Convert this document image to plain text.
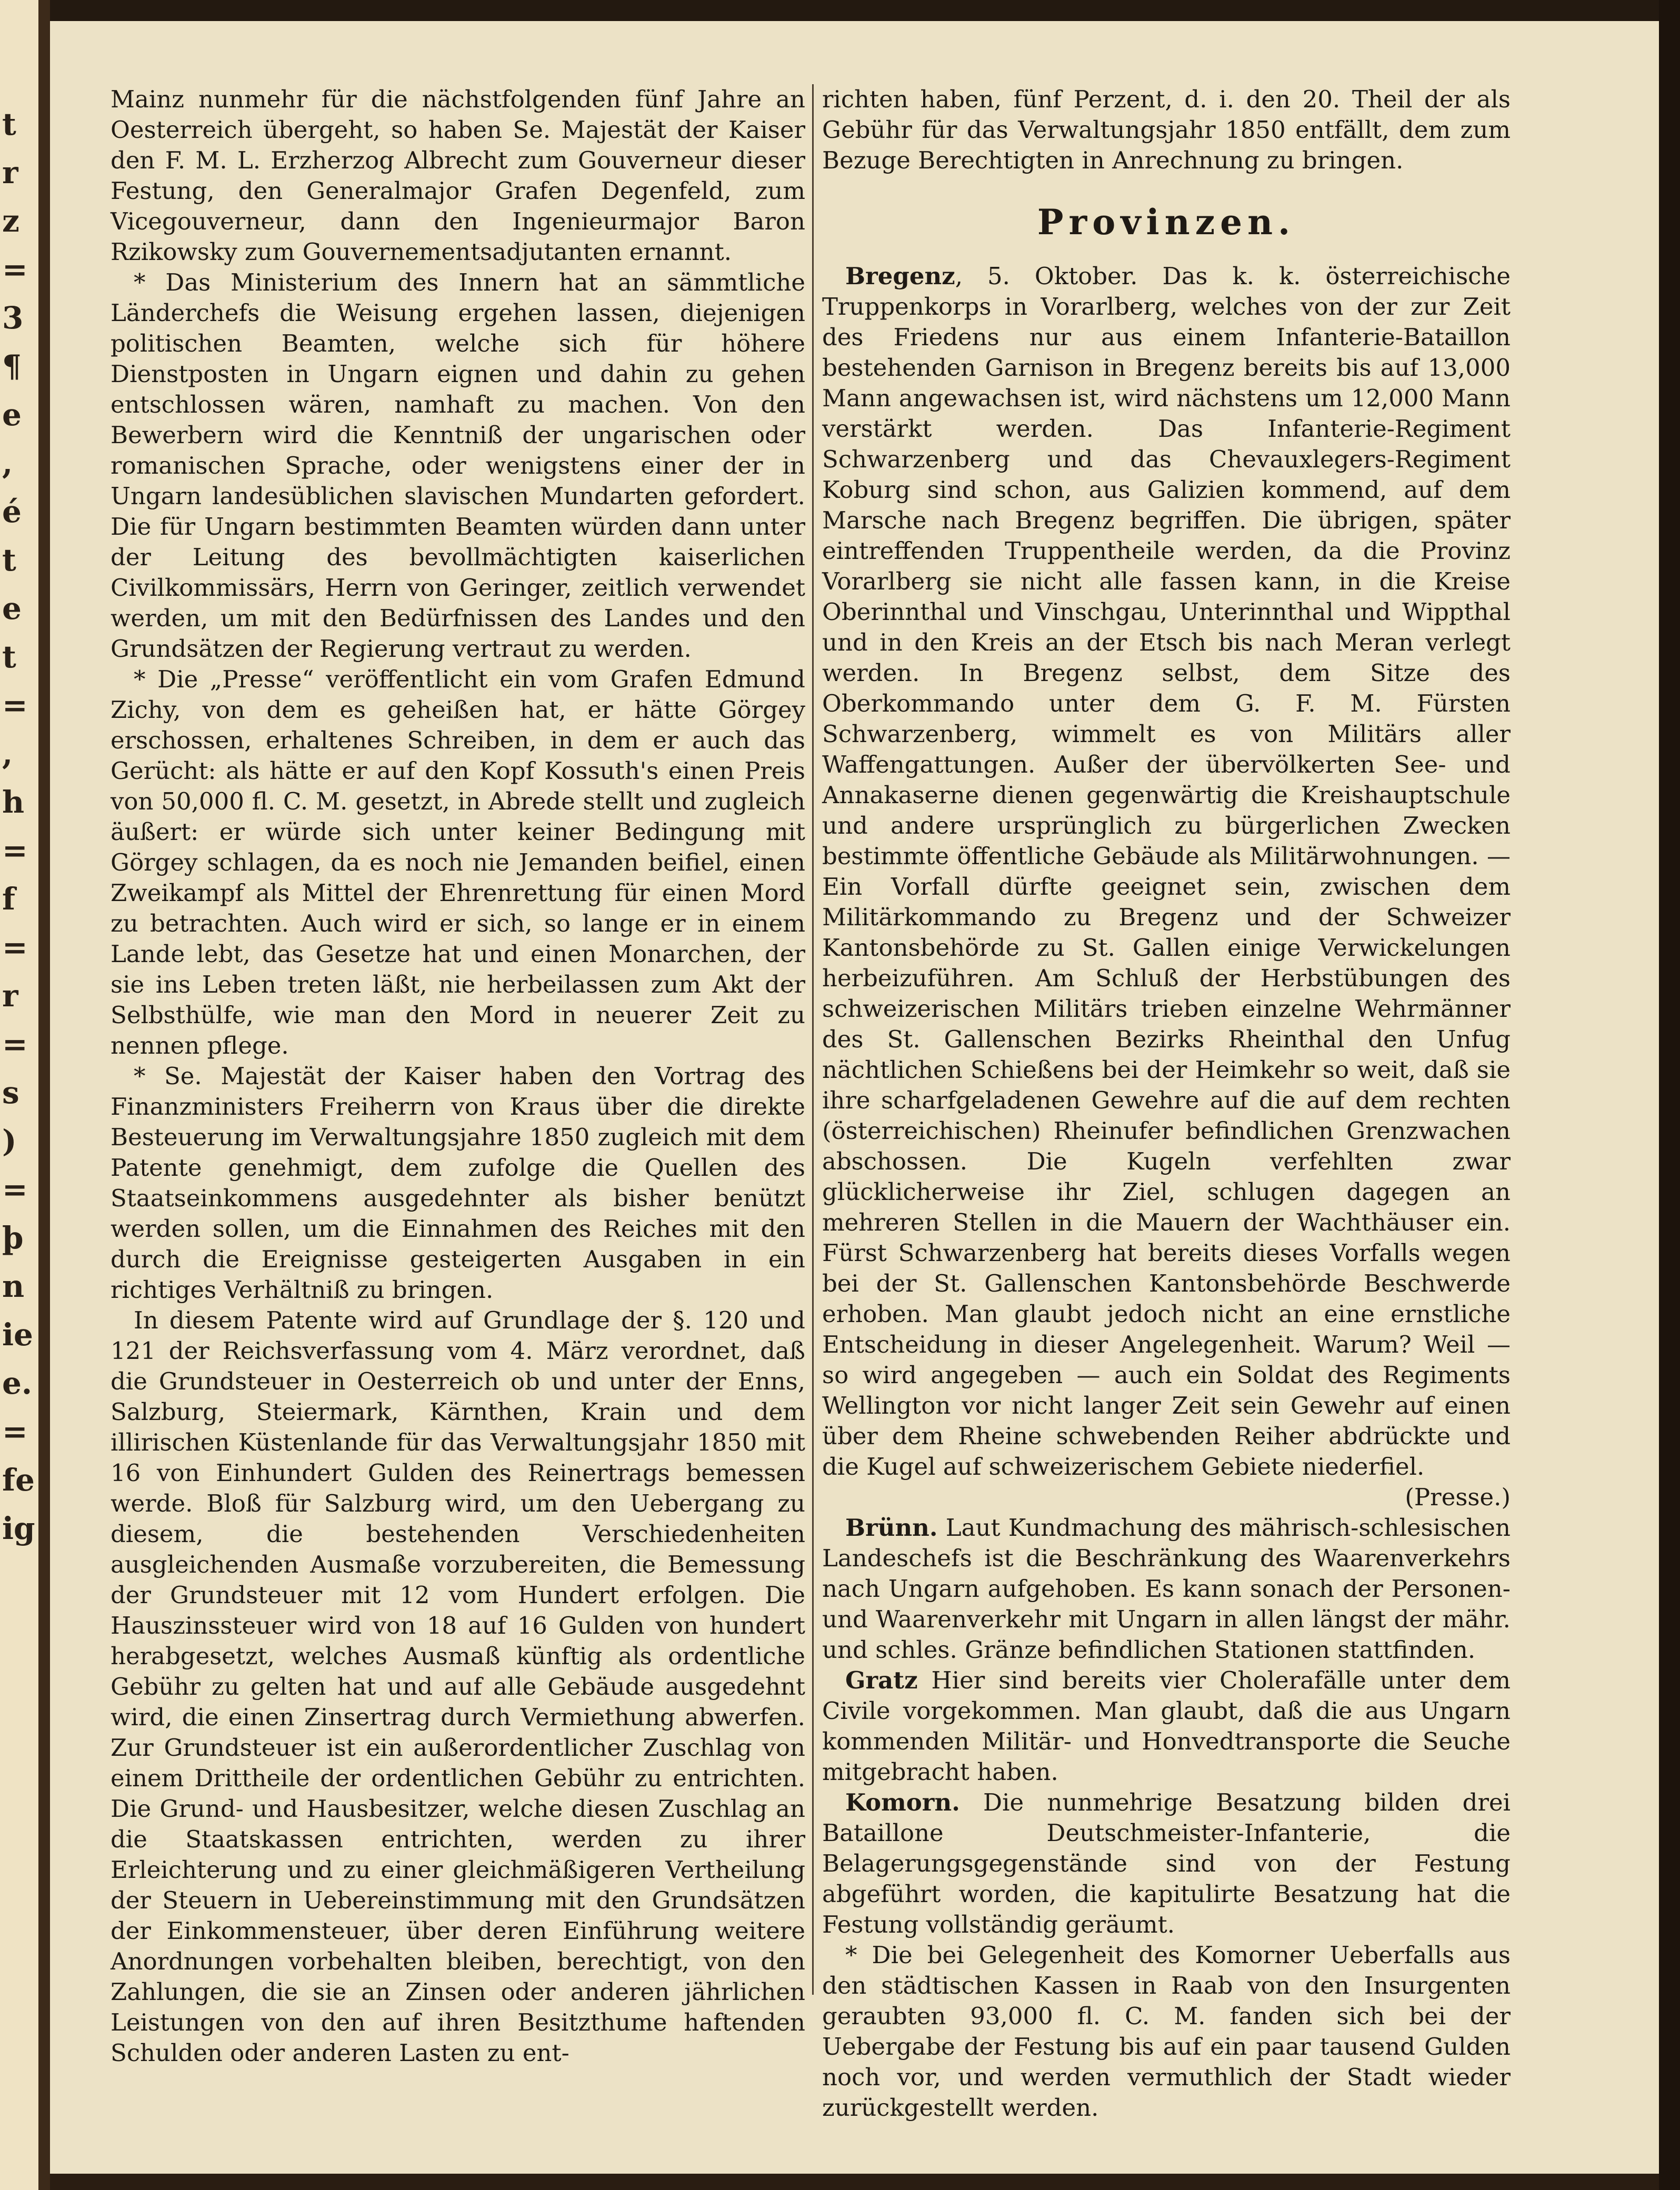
t
r
z
=
3
¶
e
,
é
t
e
t
=
,
h
=
f
=
r
=
s
)
=
þ
n
ie
e.
=
fe
ig

Mainz nunmehr für die nächstfolgenden fünf Jahre an Oesterreich übergeht, so haben Se. Majestät der Kaiser den F. M. L. Erzherzog Albrecht zum Gouverneur dieser Festung, den Generalmajor Grafen Degenfeld, zum Vicegouverneur, dann den Ingenieurmajor Baron Rzikowsky zum Gouvernementsadjutanten ernannt.

* Das Ministerium des Innern hat an sämmtliche Länderchefs die Weisung ergehen lassen, diejenigen politischen Beamten, welche sich für höhere Dienstposten in Ungarn eignen und dahin zu gehen entschlossen wären, namhaft zu machen. Von den Bewerbern wird die Kenntniß der ungarischen oder romanischen Sprache, oder wenigstens einer der in Ungarn landesüblichen slavischen Mundarten gefordert. Die für Ungarn bestimmten Beamten würden dann unter der Leitung des bevollmächtigten kaiserlichen Civilkommissärs, Herrn von Geringer, zeitlich verwendet werden, um mit den Bedürfnissen des Landes und den Grundsätzen der Regierung vertraut zu werden.

* Die „Presse“ veröffentlicht ein vom Grafen Edmund Zichy, von dem es geheißen hat, er hätte Görgey erschossen, erhaltenes Schreiben, in dem er auch das Gerücht: als hätte er auf den Kopf Kossuth's einen Preis von 50,000 fl. C. M. gesetzt, in Abrede stellt und zugleich äußert: er würde sich unter keiner Bedingung mit Görgey schlagen, da es noch nie Jemanden beifiel, einen Zweikampf als Mittel der Ehrenrettung für einen Mord zu betrachten. Auch wird er sich, so lange er in einem Lande lebt, das Gesetze hat und einen Monarchen, der sie ins Leben treten läßt, nie herbeilassen zum Akt der Selbsthülfe, wie man den Mord in neuerer Zeit zu nennen pflege.

* Se. Majestät der Kaiser haben den Vortrag des Finanzministers Freiherrn von Kraus über die direkte Besteuerung im Verwaltungsjahre 1850 zugleich mit dem Patente genehmigt, dem zufolge die Quellen des Staatseinkommens ausgedehnter als bisher benützt werden sollen, um die Einnahmen des Reiches mit den durch die Ereignisse gesteigerten Ausgaben in ein richtiges Verhältniß zu bringen.

In diesem Patente wird auf Grundlage der §. 120 und 121 der Reichsverfassung vom 4. März verordnet, daß die Grundsteuer in Oesterreich ob und unter der Enns, Salzburg, Steiermark, Kärnthen, Krain und dem illirischen Küstenlande für das Verwaltungsjahr 1850 mit 16 von Einhundert Gulden des Reinertrags bemessen werde. Bloß für Salzburg wird, um den Uebergang zu diesem, die bestehenden Verschiedenheiten ausgleichenden Ausmaße vorzubereiten, die Bemessung der Grundsteuer mit 12 vom Hundert erfolgen. Die Hauszinssteuer wird von 18 auf 16 Gulden von hundert herabgesetzt, welches Ausmaß künftig als ordentliche Gebühr zu gelten hat und auf alle Gebäude ausgedehnt wird, die einen Zinsertrag durch Vermiethung abwerfen. Zur Grundsteuer ist ein außerordentlicher Zuschlag von einem Drittheile der ordentlichen Gebühr zu entrichten. Die Grund- und Hausbesitzer, welche diesen Zuschlag an die Staatskassen entrichten, werden zu ihrer Erleichterung und zu einer gleichmäßigeren Vertheilung der Steuern in Uebereinstimmung mit den Grundsätzen der Einkommensteuer, über deren Einführung weitere Anordnungen vorbehalten bleiben, berechtigt, von den Zahlungen, die sie an Zinsen oder anderen jährlichen Leistungen von den auf ihren Besitzthume haftenden Schulden oder anderen Lasten zu ent-

richten haben, fünf Perzent, d. i. den 20. Theil der als Gebühr für das Verwaltungsjahr 1850 entfällt, dem zum Bezuge Berechtigten in Anrechnung zu bringen.

Provinzen.

Bregenz, 5. Oktober. Das k. k. österreichische Truppenkorps in Vorarlberg, welches von der zur Zeit des Friedens nur aus einem Infanterie-Bataillon bestehenden Garnison in Bregenz bereits bis auf 13,000 Mann angewachsen ist, wird nächstens um 12,000 Mann verstärkt werden. Das Infanterie-Regiment Schwarzenberg und das Chevauxlegers-Regiment Koburg sind schon, aus Galizien kommend, auf dem Marsche nach Bregenz begriffen. Die übrigen, später eintreffenden Truppentheile werden, da die Provinz Vorarlberg sie nicht alle fassen kann, in die Kreise Oberinnthal und Vinschgau, Unterinnthal und Wippthal und in den Kreis an der Etsch bis nach Meran verlegt werden. In Bregenz selbst, dem Sitze des Oberkommando unter dem G. F. M. Fürsten Schwarzenberg, wimmelt es von Militärs aller Waffengattungen. Außer der übervölkerten See- und Annakaserne dienen gegenwärtig die Kreishauptschule und andere ursprünglich zu bürgerlichen Zwecken bestimmte öffentliche Gebäude als Militärwohnungen. — Ein Vorfall dürfte geeignet sein, zwischen dem Militärkommando zu Bregenz und der Schweizer Kantonsbehörde zu St. Gallen einige Verwickelungen herbeizuführen. Am Schluß der Herbstübungen des schweizerischen Militärs trieben einzelne Wehrmänner des St. Gallenschen Bezirks Rheinthal den Unfug nächtlichen Schießens bei der Heimkehr so weit, daß sie ihre scharfgeladenen Gewehre auf die auf dem rechten (österreichischen) Rheinufer befindlichen Grenzwachen abschossen. Die Kugeln verfehlten zwar glücklicherweise ihr Ziel, schlugen dagegen an mehreren Stellen in die Mauern der Wachthäuser ein. Fürst Schwarzenberg hat bereits dieses Vorfalls wegen bei der St. Gallenschen Kantonsbehörde Beschwerde erhoben. Man glaubt jedoch nicht an eine ernstliche Entscheidung in dieser Angelegenheit. Warum? Weil — so wird angegeben — auch ein Soldat des Regiments Wellington vor nicht langer Zeit sein Gewehr auf einen über dem Rheine schwebenden Reiher abdrückte und die Kugel auf schweizerischem Gebiete niederfiel.
(Presse.)

Brünn. Laut Kundmachung des mährisch-schlesischen Landeschefs ist die Beschränkung des Waarenverkehrs nach Ungarn aufgehoben. Es kann sonach der Personen- und Waarenverkehr mit Ungarn in allen längst der mähr. und schles. Gränze befindlichen Stationen stattfinden.

Gratz Hier sind bereits vier Cholerafälle unter dem Civile vorgekommen. Man glaubt, daß die aus Ungarn kommenden Militär- und Honvedtransporte die Seuche mitgebracht haben.

Komorn. Die nunmehrige Besatzung bilden drei Bataillone Deutschmeister-Infanterie, die Belagerungsgegenstände sind von der Festung abgeführt worden, die kapitulirte Besatzung hat die Festung vollständig geräumt.

* Die bei Gelegenheit des Komorner Ueberfalls aus den städtischen Kassen in Raab von den Insurgenten geraubten 93,000 fl. C. M. fanden sich bei der Uebergabe der Festung bis auf ein paar tausend Gulden noch vor, und werden vermuthlich der Stadt wieder zurückgestellt werden.
